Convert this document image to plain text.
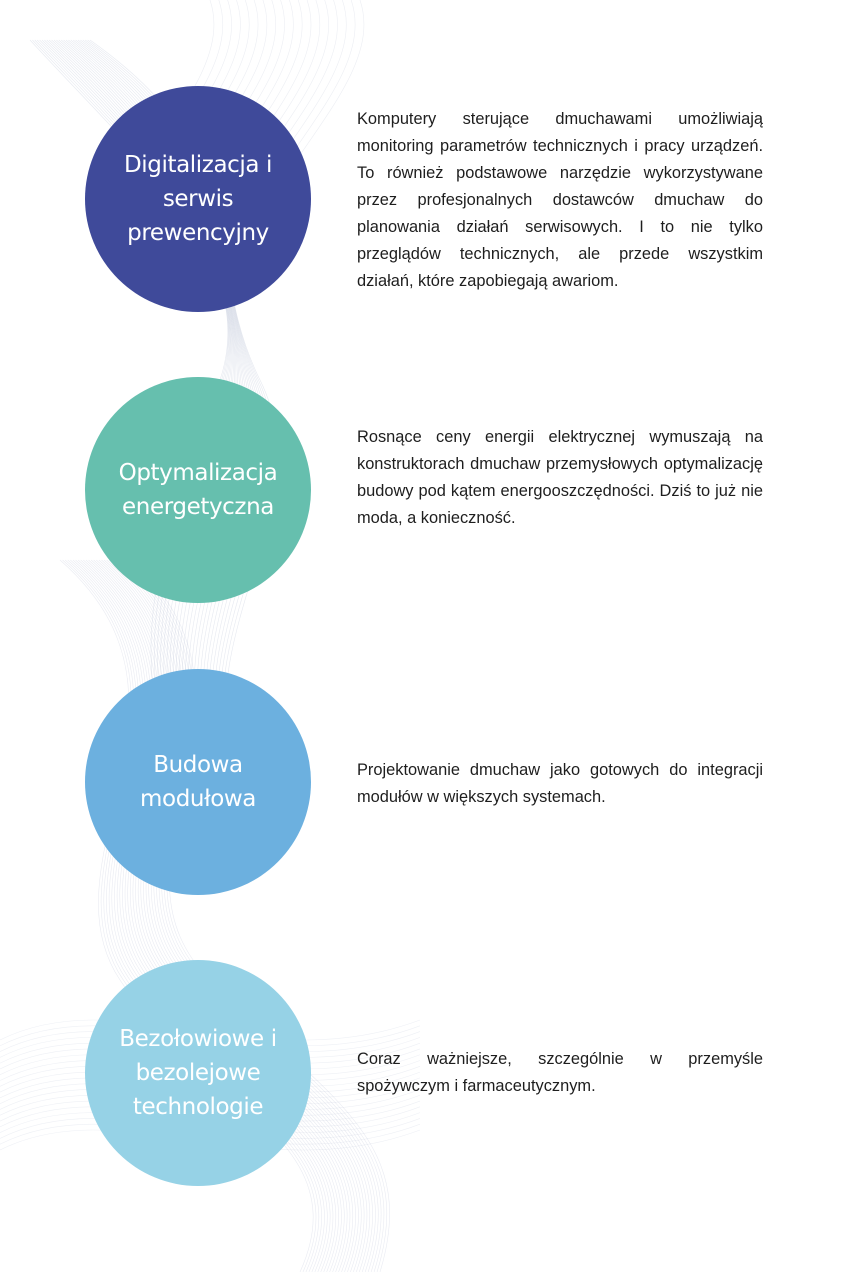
Digitalizacja i
serwis prewencyjny
Komputery sterujące dmuchawami umożliwiają monitoring parametrów technicznych i pracy urządzeń. To również podstawowe narzędzie wykorzystywane przez profesjonalnych dostawców dmuchaw do planowania działań serwisowych. I to nie tylko przeglądów technicznych, ale przede wszystkim działań, które zapobiegają awariom.
Optymalizacja
energetyczna
Rosnące ceny energii elektrycznej wymuszają na konstruktorach dmuchaw przemysłowych optymalizację budowy pod kątem energooszczędności. Dziś to już nie moda, a konieczność.
Budowa
modułowa
Projektowanie dmuchaw jako gotowych do integracji modułów w większych systemach.
Bezołowiowe i
bezolejowe
technologie
Coraz ważniejsze, szczególnie w przemyśle spożywczym i farmaceutycznym.
